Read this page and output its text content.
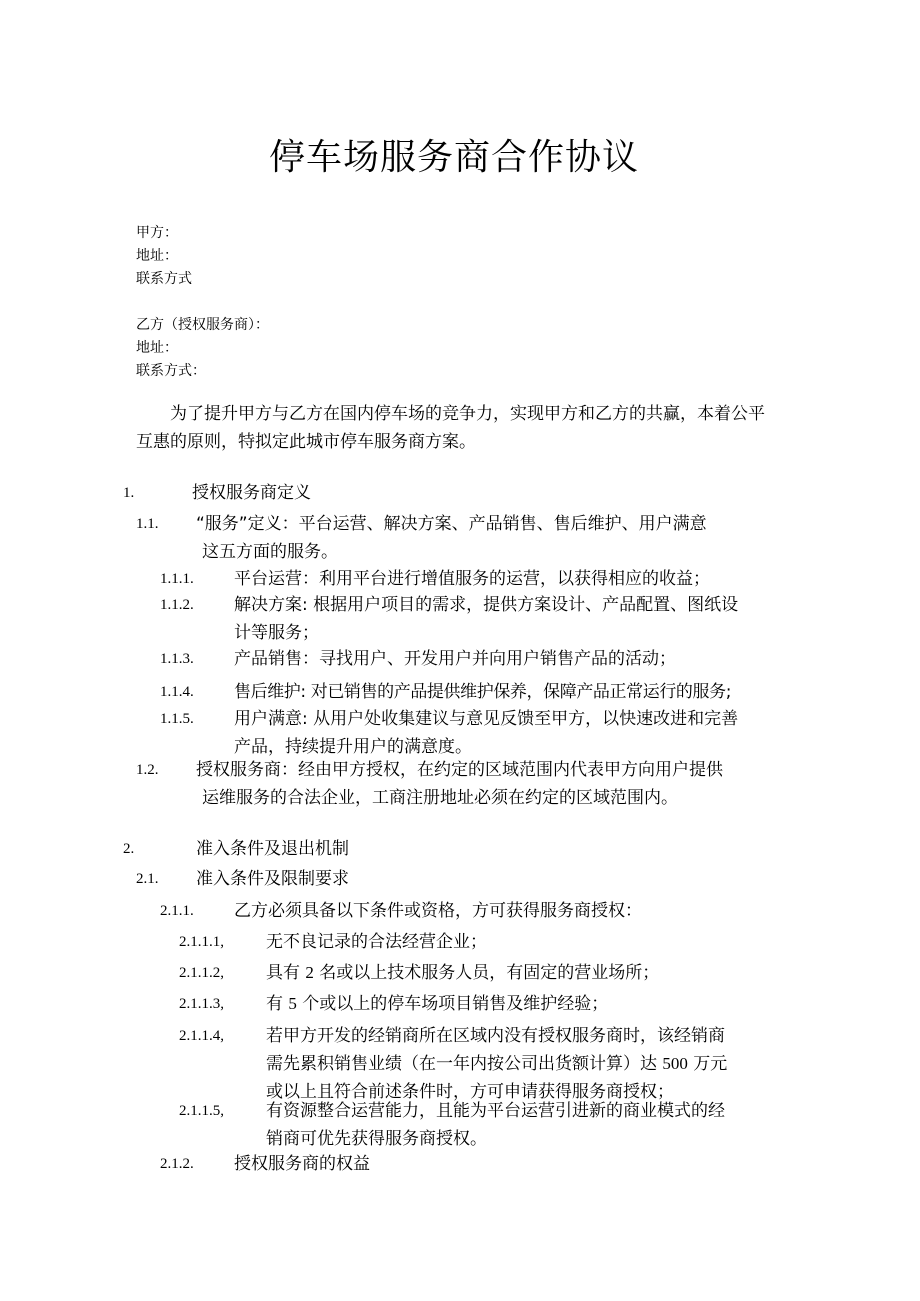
停车场服务商合作协议
甲方：
地址：
联系方式
乙方（授权服务商）：
地址：
联系方式：
为了提升甲方与乙方在国内停车场的竞争力，实现甲方和乙方的共赢，本着公平互惠的原则，特拟定此城市停车服务商方案。
1.	授权服务商定义
1.1. “服务”定义：平台运营、解决方案、产品销售、售后维护、用户满意
这五方面的服务。
1.1.1. 平台运营：利用平台进行增值服务的运营，以获得相应的收益；
1.1.2. 解决方案: 根据用户项目的需求，提供方案设计、产品配置、图纸设
计等服务；
1.1.3. 产品销售：寻找用户、开发用户并向用户销售产品的活动；
1.1.4. 售后维护: 对已销售的产品提供维护保养，保障产品正常运行的服务;
1.1.5. 用户满意: 从用户处收集建议与意见反馈至甲方，以快速改进和完善
产品，持续提升用户的满意度。
1.2. 授权服务商：经由甲方授权，在约定的区域范围内代表甲方向用户提供
运维服务的合法企业，工商注册地址必须在约定的区域范围内。
2.	准入条件及退出机制
2.1. 准入条件及限制要求
2.1.1. 乙方必须具备以下条件或资格，方可获得服务商授权：
2.1.1.1, 无不良记录的合法经营企业；
2.1.1.2, 具有 2 名或以上技术服务人员，有固定的营业场所；
2.1.1.3, 有 5 个或以上的停车场项目销售及维护经验；
2.1.1.4, 若甲方开发的经销商所在区域内没有授权服务商时，该经销商
需先累积销售业绩（在一年内按公司出货额计算）达 500 万元
或以上且符合前述条件时，方可申请获得服务商授权；
2.1.1.5, 有资源整合运营能力，且能为平台运营引进新的商业模式的经
销商可优先获得服务商授权。
2.1.2. 授权服务商的权益
